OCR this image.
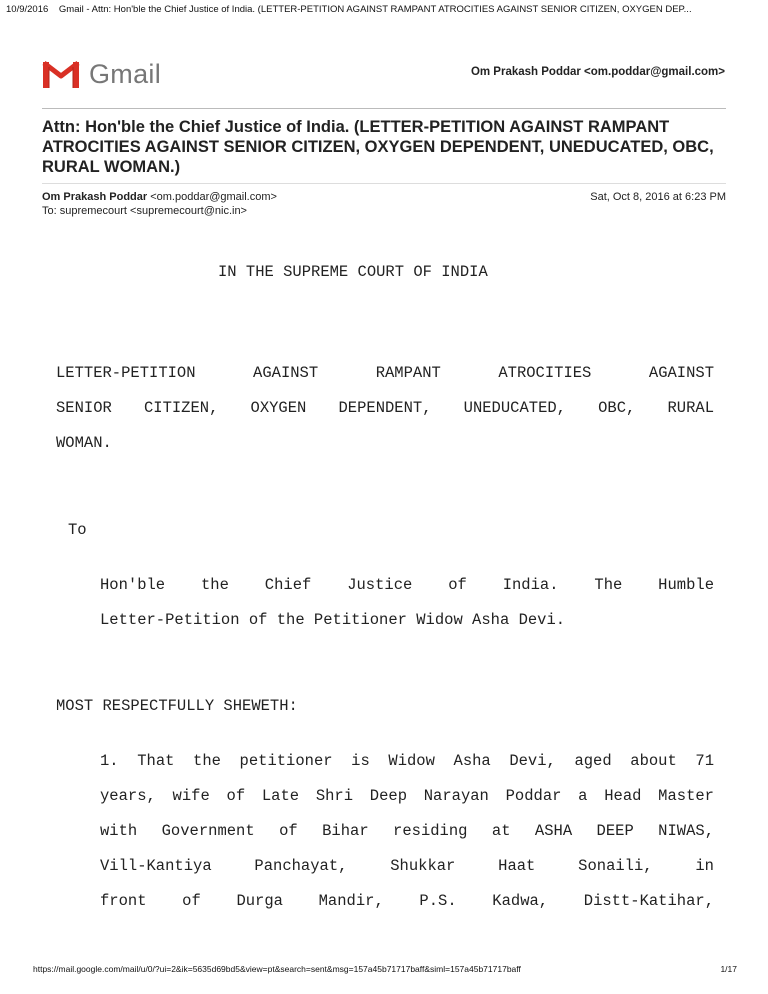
10/9/2016 Gmail - Attn: Hon'ble the Chief Justice of India. (LETTER-PETITION AGAINST RAMPANT ATROCITIES AGAINST SENIOR CITIZEN, OXYGEN DEP...
Gmail	Om Prakash Poddar <om.poddar@gmail.com>
Attn: Hon'ble the Chief Justice of India. (LETTER-PETITION AGAINST RAMPANT ATROCITIES AGAINST SENIOR CITIZEN, OXYGEN DEPENDENT, UNEDUCATED, OBC, RURAL WOMAN.)
Om Prakash Poddar <om.poddar@gmail.com>	Sat, Oct 8, 2016 at 6:23 PM
To: supremecourt <supremecourt@nic.in>
IN THE SUPREME COURT OF INDIA
LETTER-PETITION AGAINST RAMPANT ATROCITIES AGAINST
SENIOR CITIZEN, OXYGEN DEPENDENT, UNEDUCATED, OBC, RURAL
WOMAN.
To
Hon'ble the Chief Justice of India. The Humble
Letter-Petition of the Petitioner Widow Asha Devi.
MOST RESPECTFULLY SHEWETH:
1. That the petitioner is Widow Asha Devi, aged about 71
years, wife of Late Shri Deep Narayan Poddar a Head Master
with Government of Bihar residing at ASHA DEEP NIWAS,
Vill-Kantiya Panchayat, Shukkar Haat Sonaili, in
front of Durga Mandir, P.S. Kadwa, Distt-Katihar,
https://mail.google.com/mail/u/0/?ui=2&ik=5635d69bd5&view=pt&search=sent&msg=157a45b71717baff&siml=157a45b71717baff	1/17
